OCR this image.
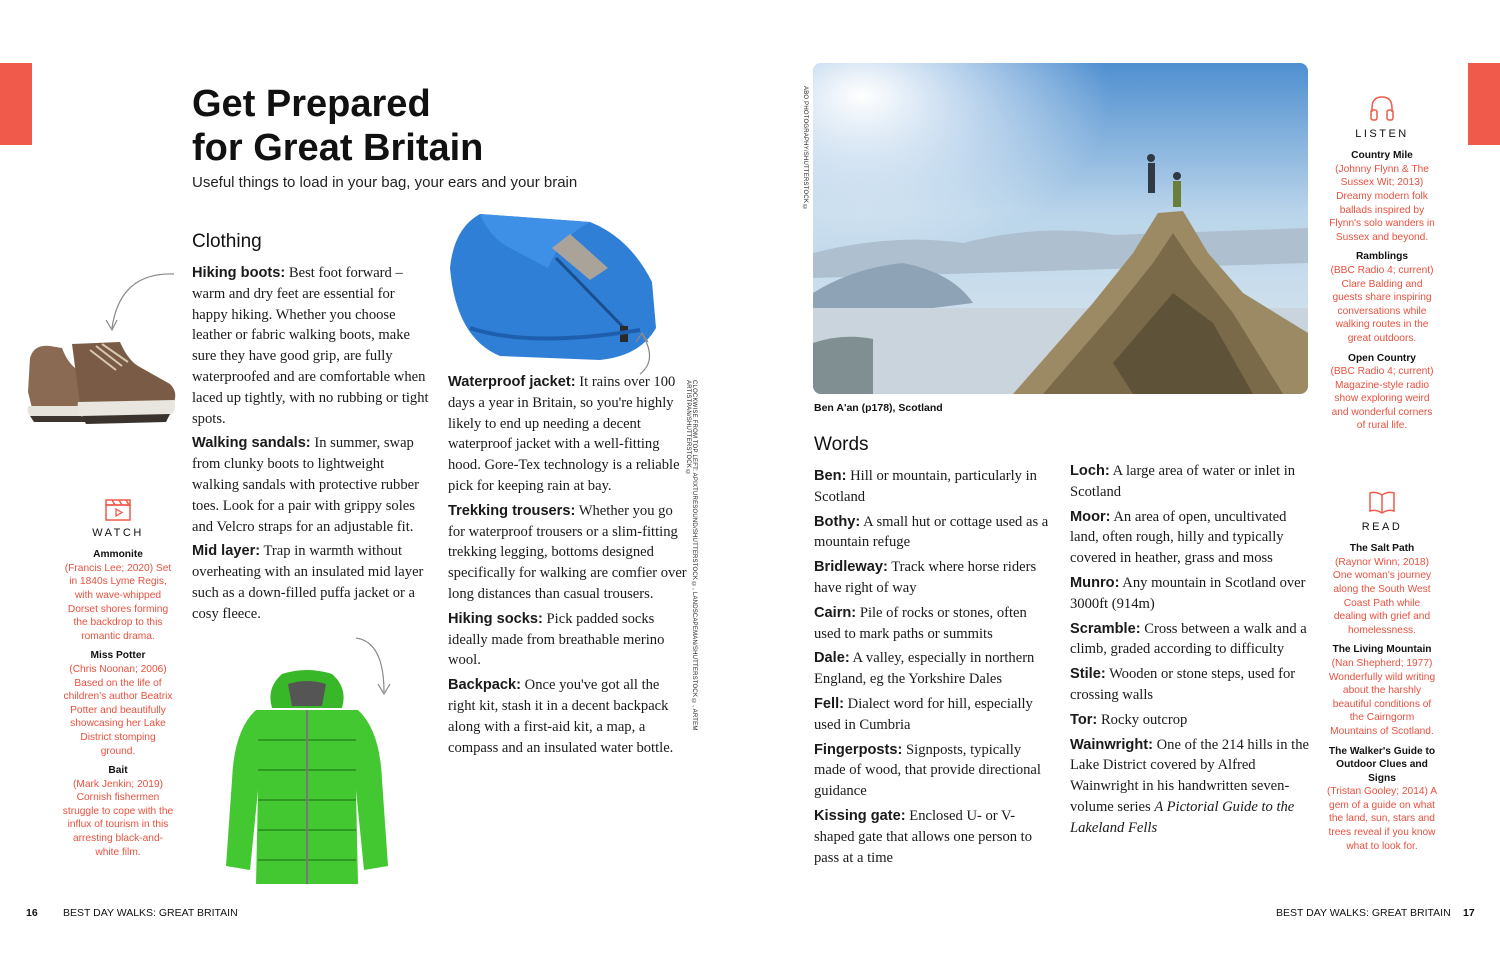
Get Prepared
for Great Britain
Useful things to load in your bag, your ears and your brain
Clothing

Hiking boots: Best foot forward – warm and dry feet are essential for happy hiking. Whether you choose leather or fabric walking boots, make sure they have good grip, are fully waterproofed and are comfortable when laced up tightly, with no rubbing or tight spots.

Walking sandals: In summer, swap from clunky boots to lightweight walking sandals with protective rubber toes. Look for a pair with grippy soles and Velcro straps for an adjustable fit.

Mid layer: Trap in warmth without overheating with an insulated mid layer such as a down-filled puffa jacket or a cosy fleece.

Waterproof jacket: It rains over 100 days a year in Britain, so you're highly likely to end up needing a decent waterproof jacket with a well-fitting hood. Gore-Tex technology is a reliable pick for keeping rain at bay.

Trekking trousers: Whether you go for waterproof trousers or a slim-fitting trekking legging, bottoms designed specifically for walking are comfier over long distances than casual trousers.

Hiking socks: Pick padded socks ideally made from breathable merino wool.

Backpack: Once you've got all the right kit, stash it in a decent backpack along with a first-aid kit, a map, a compass and an insulated water bottle.

CLOCKWISE FROM TOP LEFT: APIXTURESOUND/SHUTTERSTOCK ©, LANDSCAPEMAN/SHUTTERSTOCK ©, ARTEM ARTISTPAN/SHUTTERSTOCK ©
WATCH
Ammonite
(Francis Lee; 2020) Set in 1840s Lyme Regis, with wave-whipped Dorset shores forming the backdrop to this romantic drama.
Miss Potter
(Chris Noonan; 2006) Based on the life of children's author Beatrix Potter and beautifully showcasing her Lake District stomping ground.
Bait
(Mark Jenkin; 2019) Cornish fishermen struggle to cope with the influx of tourism in this arresting black-and-white film.
16 BEST DAY WALKS: GREAT BRITAIN
ABO PHOTOGRAPHY/SHUTTERSTOCK ©
Ben A'an (p178), Scotland
Words

Ben: Hill or mountain, particularly in Scotland

Bothy: A small hut or cottage used as a mountain refuge

Bridleway: Track where horse riders have right of way

Cairn: Pile of rocks or stones, often used to mark paths or summits

Dale: A valley, especially in northern England, eg the Yorkshire Dales

Fell: Dialect word for hill, especially used in Cumbria

Fingerposts: Signposts, typically made of wood, that provide directional guidance

Kissing gate: Enclosed U- or V-shaped gate that allows one person to pass at a time

Loch: A large area of water or inlet in Scotland

Moor: An area of open, uncultivated land, often rough, hilly and typically covered in heather, grass and moss

Munro: Any mountain in Scotland over 3000ft (914m)

Scramble: Cross between a walk and a climb, graded according to difficulty

Stile: Wooden or stone steps, used for crossing walls

Tor: Rocky outcrop

Wainwright: One of the 214 hills in the Lake District covered by Alfred Wainwright in his handwritten seven-volume series A Pictorial Guide to the Lakeland Fells

LISTEN
Country Mile
(Johnny Flynn & The Sussex Wit; 2013) Dreamy modern folk ballads inspired by Flynn's solo wanders in Sussex and beyond.
Ramblings
(BBC Radio 4; current) Clare Balding and guests share inspiring conversations while walking routes in the great outdoors.
Open Country
(BBC Radio 4; current) Magazine-style radio show exploring weird and wonderful corners of rural life.
READ
The Salt Path
(Raynor Winn; 2018) One woman's journey along the South West Coast Path while dealing with grief and homelessness.
The Living Mountain
(Nan Shepherd; 1977) Wonderfully wild writing about the harshly beautiful conditions of the Cairngorm Mountains of Scotland.
The Walker's Guide to Outdoor Clues and Signs
(Tristan Gooley; 2014) A gem of a guide on what the land, sun, stars and trees reveal if you know what to look for.
BEST DAY WALKS: GREAT BRITAIN 17
